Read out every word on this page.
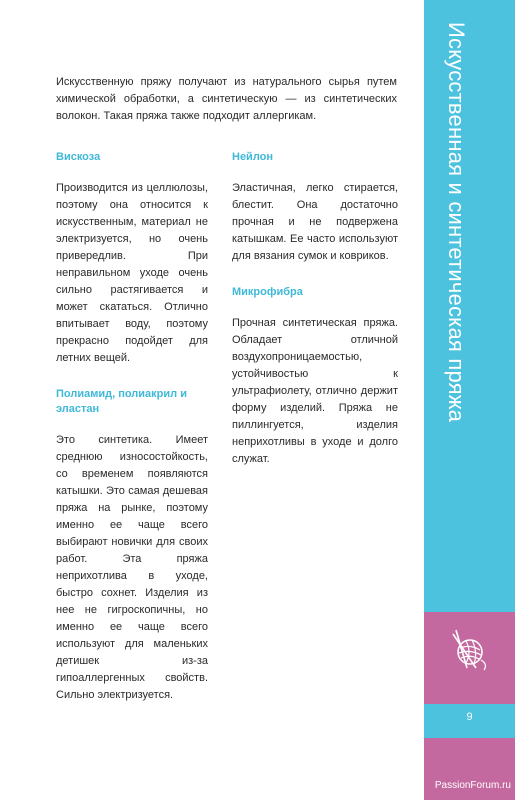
Искусственную пряжу получают из натурального сырья путем химической обработки, а синтетическую — из синтетических волокон. Такая пряжа также подходит аллергикам.

Вискоза

Производится из целлюлозы, поэтому она относится к искусственным, материал не электризуется, но очень привередлив. При неправильном уходе очень сильно растягивается и может скататься. Отлично впитывает воду, поэтому прекрасно подойдет для летних вещей.

Полиамид, полиакрил и эластан

Это синтетика. Имеет среднюю износостойкость, со временем появляются катышки. Это самая дешевая пряжа на рынке, поэтому именно ее чаще всего выбирают новички для своих работ. Эта пряжа неприхотлива в уходе, быстро сохнет. Изделия из нее не гигроскопичны, но именно ее чаще всего используют для маленьких детишек из-за гипоаллергенных свойств. Сильно электризуется.

Нейлон

Эластичная, легко стирается, блестит. Она достаточно прочная и не подвержена катышкам. Ее часто используют для вязания сумок и ковриков.

Микрофибра

Прочная синтетическая пряжа. Обладает отличной воздухопроницаемостью, устойчивостью к ультрафиолету, отлично держит форму изделий. Пряжа не пиллингуется, изделия неприхотливы в уходе и долго служат.

Искусственная и синтетическая пряжа
9
PassionForum.ru
